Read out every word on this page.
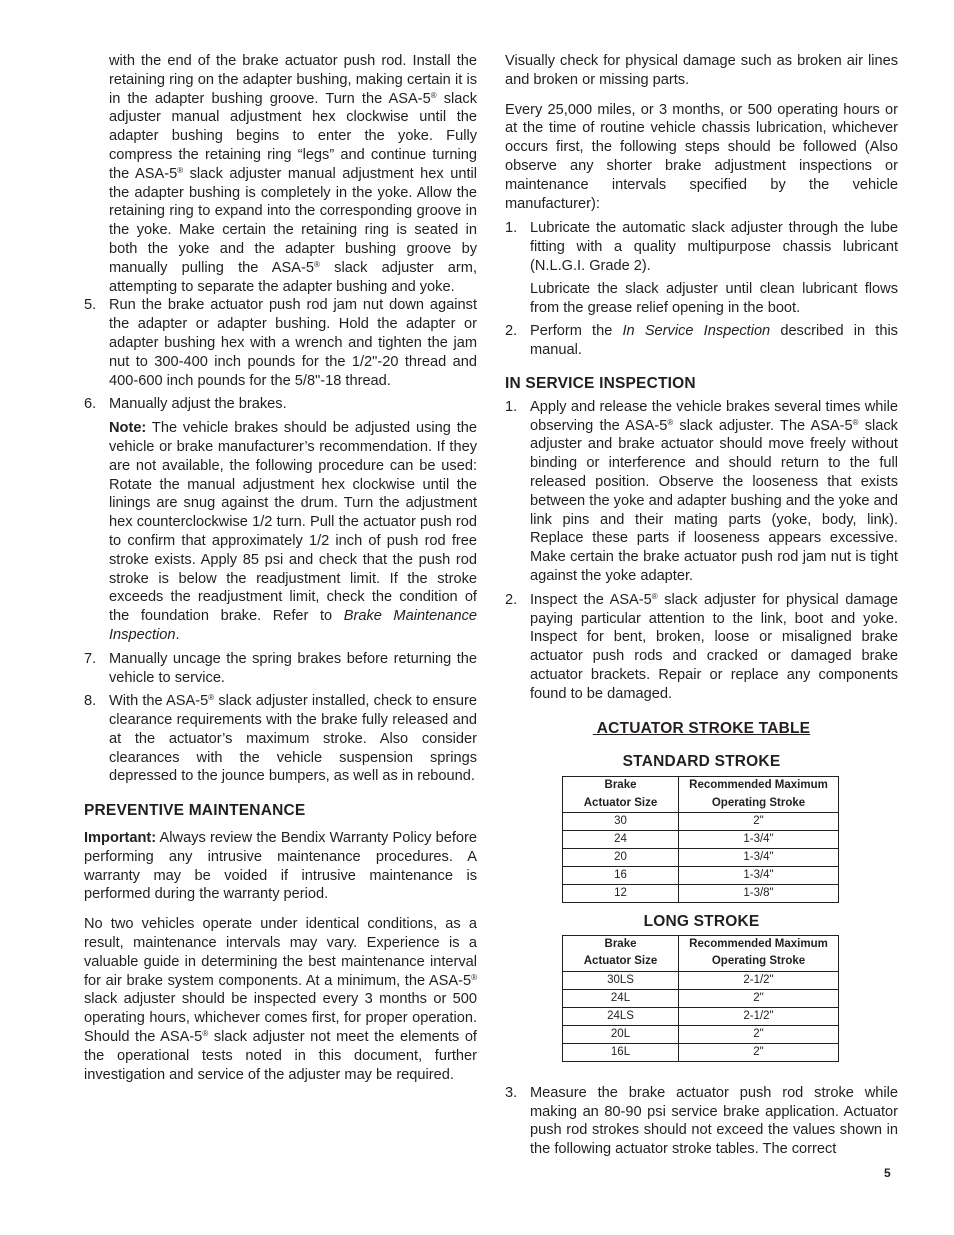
with the end of the brake actuator push rod. Install the retaining ring on the adapter bushing, making certain it is in the adapter bushing groove. Turn the ASA-5® slack adjuster manual adjustment hex clockwise until the adapter bushing begins to enter the yoke. Fully compress the retaining ring “legs” and continue turning the ASA-5® slack adjuster manual adjustment hex until the adapter bushing is completely in the yoke. Allow the retaining ring to expand into the corresponding groove in the yoke. Make certain the retaining ring is seated in both the yoke and the adapter bushing groove by manually pulling the ASA-5® slack adjuster arm, attempting to separate the adapter bushing and yoke.

5. Run the brake actuator push rod jam nut down against the adapter or adapter bushing. Hold the adapter or adapter bushing hex with a wrench and tighten the jam nut to 300-400 inch pounds for the 1/2"-20 thread and 400-600 inch pounds for the 5/8"-18 thread.
6. Manually adjust the brakes.

Note: The vehicle brakes should be adjusted using the vehicle or brake manufacturer’s recommendation. If they are not available, the following procedure can be used: Rotate the manual adjustment hex clockwise until the linings are snug against the drum. Turn the adjustment hex counterclockwise 1/2 turn. Pull the actuator push rod to confirm that approximately 1/2 inch of push rod free stroke exists. Apply 85 psi and check that the push rod stroke is below the readjustment limit. If the stroke exceeds the readjustment limit, check the condition of the foundation brake. Refer to Brake Maintenance Inspection.

7. Manually uncage the spring brakes before returning the vehicle to service.
8. With the ASA-5® slack adjuster installed, check to ensure clearance requirements with the brake fully released and at the actuator’s maximum stroke. Also consider clearances with the vehicle suspension springs depressed to the jounce bumpers, as well as in rebound.
PREVENTIVE MAINTENANCE

Important: Always review the Bendix Warranty Policy before performing any intrusive maintenance procedures. A warranty may be voided if intrusive maintenance is performed during the warranty period.

No two vehicles operate under identical conditions, as a result, maintenance intervals may vary. Experience is a valuable guide in determining the best maintenance interval for air brake system components. At a minimum, the ASA-5® slack adjuster should be inspected every 3 months or 500 operating hours, whichever comes first, for proper operation. Should the ASA-5® slack adjuster not meet the elements of the operational tests noted in this document, further investigation and service of the adjuster may be required.

Visually check for physical damage such as broken air lines and broken or missing parts.

Every 25,000 miles, or 3 months, or 500 operating hours or at the time of routine vehicle chassis lubrication, whichever occurs first, the following steps should be followed (Also observe any shorter brake adjustment inspections or maintenance intervals specified by the vehicle manufacturer):

1. Lubricate the automatic slack adjuster through the lube fitting with a quality multipurpose chassis lubricant (N.L.G.I. Grade 2).

Lubricate the slack adjuster until clean lubricant flows from the grease relief opening in the boot.

2. Perform the In Service Inspection described in this manual.
IN SERVICE INSPECTION
1. Apply and release the vehicle brakes several times while observing the ASA-5® slack adjuster. The ASA-5® slack adjuster and brake actuator should move freely without binding or interference and should return to the full released position. Observe the looseness that exists between the yoke and adapter bushing and the yoke and link pins and their mating parts (yoke, body, link). Replace these parts if looseness appears excessive. Make certain the brake actuator push rod jam nut is tight against the yoke adapter.
2. Inspect the ASA-5® slack adjuster for physical damage paying particular attention to the link, boot and yoke. Inspect for bent, broken, loose or misaligned brake actuator push rods and cracked or damaged brake actuator brackets. Repair or replace any components found to be damaged.
ACTUATOR STROKE TABLE
STANDARD STROKE
Brake
Actuator Size	Recommended Maximum
Operating Stroke
30	2"
24	1-3/4"
20	1-3/4"
16	1-3/4"
12	1-3/8"
LONG STROKE
Brake
Actuator Size	Recommended Maximum
Operating Stroke
30LS	2-1/2"
24L	2"
24LS	2-1/2"
20L	2"
16L	2"
3. Measure the brake actuator push rod stroke while making an 80-90 psi service brake application. Actuator push rod strokes should not exceed the values shown in the following actuator stroke tables. The correct
5
